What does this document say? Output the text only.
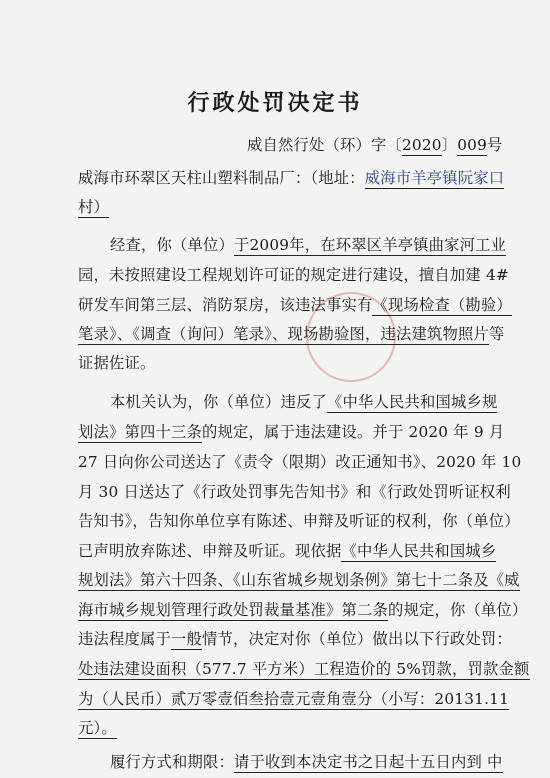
行政处罚决定书
威自然行处（环）字〔2020〕009号
威海市环翠区天柱山塑料制品厂：（地址：威海市羊亭镇阮家口
村）
经查，你（单位）于2009年，在环翠区羊亭镇曲家河工业
园，未按照建设工程规划许可证的规定进行建设，擅自加建 4#
研发车间第三层、消防泵房，该违法事实有《现场检查（勘验）
笔录》、《调查（询问）笔录》、现场勘验图，违法建筑物照片等
证据佐证。
本机关认为，你（单位）违反了《中华人民共和国城乡规
划法》第四十三条的规定，属于违法建设。并于 2020 年 9 月
27 日向你公司送达了《责令（限期）改正通知书》、2020 年 10
月 30 日送达了《行政处罚事先告知书》和《行政处罚听证权利
告知书》，告知你单位享有陈述、申辩及听证的权利，你（单位）
已声明放弃陈述、申辩及听证。现依据《中华人民共和国城乡
规划法》第六十四条、《山东省城乡规划条例》第七十二条及《威
海市城乡规划管理行政处罚裁量基准》第二条的规定，你（单位）
违法程度属于一般情节，决定对你（单位）做出以下行政处罚：
处违法建设面积（577.7 平方米）工程造价的 5%罚款，罚款金额
为（人民币）贰万零壹佰叁拾壹元壹角壹分（小写：20131.11
元）。
履行方式和期限：请于收到本决定书之日起十五日内到 中
